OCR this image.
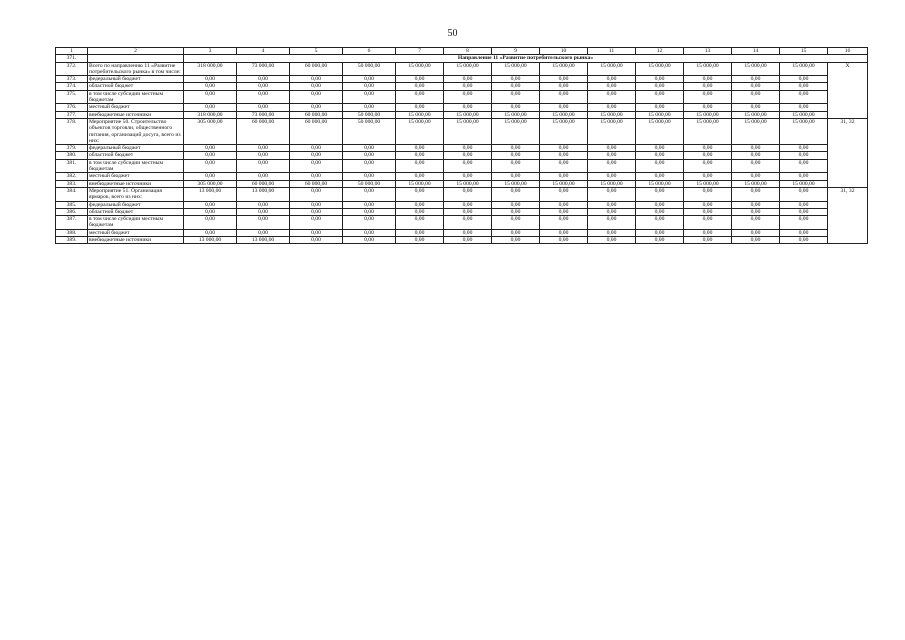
50
1	2	3	4	5	6	7	8	9	10	11	12	13	14	15	16
371.		Направление 11 «Развитие потребительского рынка»													
372.	Всего по направлению 11 «Развитие потребительского рынка» в том числе:	318 000,00	73 000,00	60 000,00	50 000,00	15 000,00	15 000,00	15 000,00	15 000,00	15 000,00	15 000,00	15 000,00	15 000,00	15 000,00	X
373.	федеральный бюджет	0,00	0,00	0,00	0,00	0,00	0,00	0,00	0,00	0,00	0,00	0,00	0,00	0,00	
374.	областной бюджет	0,00	0,00	0,00	0,00	0,00	0,00	0,00	0,00	0,00	0,00	0,00	0,00	0,00	
375.	в том числе субсидии местным бюджетам	0,00	0,00	0,00	0,00	0,00	0,00	0,00	0,00	0,00	0,00	0,00	0,00	0,00	
376.	местный бюджет	0,00	0,00	0,00	0,00	0,00	0,00	0,00	0,00	0,00	0,00	0,00	0,00	0,00	
377.	внебюджетные источники	318 000,00	73 000,00	60 000,00	50 000,00	15 000,00	15 000,00	15 000,00	15 000,00	15 000,00	15 000,00	15 000,00	15 000,00	15 000,00	
378.	Мероприятие 50. Строительство объектов торговли, общественного питания, организаций досуга, всего из них:	305 000,00	60 000,00	60 000,00	50 000,00	15 000,00	15 000,00	15 000,00	15 000,00	15 000,00	15 000,00	15 000,00	15 000,00	15 000,00	31, 32
379.	федеральный бюджет	0,00	0,00	0,00	0,00	0,00	0,00	0,00	0,00	0,00	0,00	0,00	0,00	0,00	
380.	областной бюджет	0,00	0,00	0,00	0,00	0,00	0,00	0,00	0,00	0,00	0,00	0,00	0,00	0,00	
381.	в том числе субсидии местным бюджетам	0,00	0,00	0,00	0,00	0,00	0,00	0,00	0,00	0,00	0,00	0,00	0,00	0,00	
382.	местный бюджет	0,00	0,00	0,00	0,00	0,00	0,00	0,00	0,00	0,00	0,00	0,00	0,00	0,00	
383.	внебюджетные источники	305 000,00	60 000,00	60 000,00	50 000,00	15 000,00	15 000,00	15 000,00	15 000,00	15 000,00	15 000,00	15 000,00	15 000,00	15 000,00	
384.	Мероприятие 51. Организация ярмарок, всего из них:	13 000,00	13 000,00	0,00	0,00	0,00	0,00	0,00	0,00	0,00	0,00	0,00	0,00	0,00	31, 32
385.	федеральный бюджет	0,00	0,00	0,00	0,00	0,00	0,00	0,00	0,00	0,00	0,00	0,00	0,00	0,00	
386.	областной бюджет	0,00	0,00	0,00	0,00	0,00	0,00	0,00	0,00	0,00	0,00	0,00	0,00	0,00	
387.	в том числе субсидии местным бюджетам	0,00	0,00	0,00	0,00	0,00	0,00	0,00	0,00	0,00	0,00	0,00	0,00	0,00	
388.	местный бюджет	0,00	0,00	0,00	0,00	0,00	0,00	0,00	0,00	0,00	0,00	0,00	0,00	0,00	
389.	внебюджетные источники	13 000,00	13 000,00	0,00	0,00	0,00	0,00	0,00	0,00	0,00	0,00	0,00	0,00	0,00	
